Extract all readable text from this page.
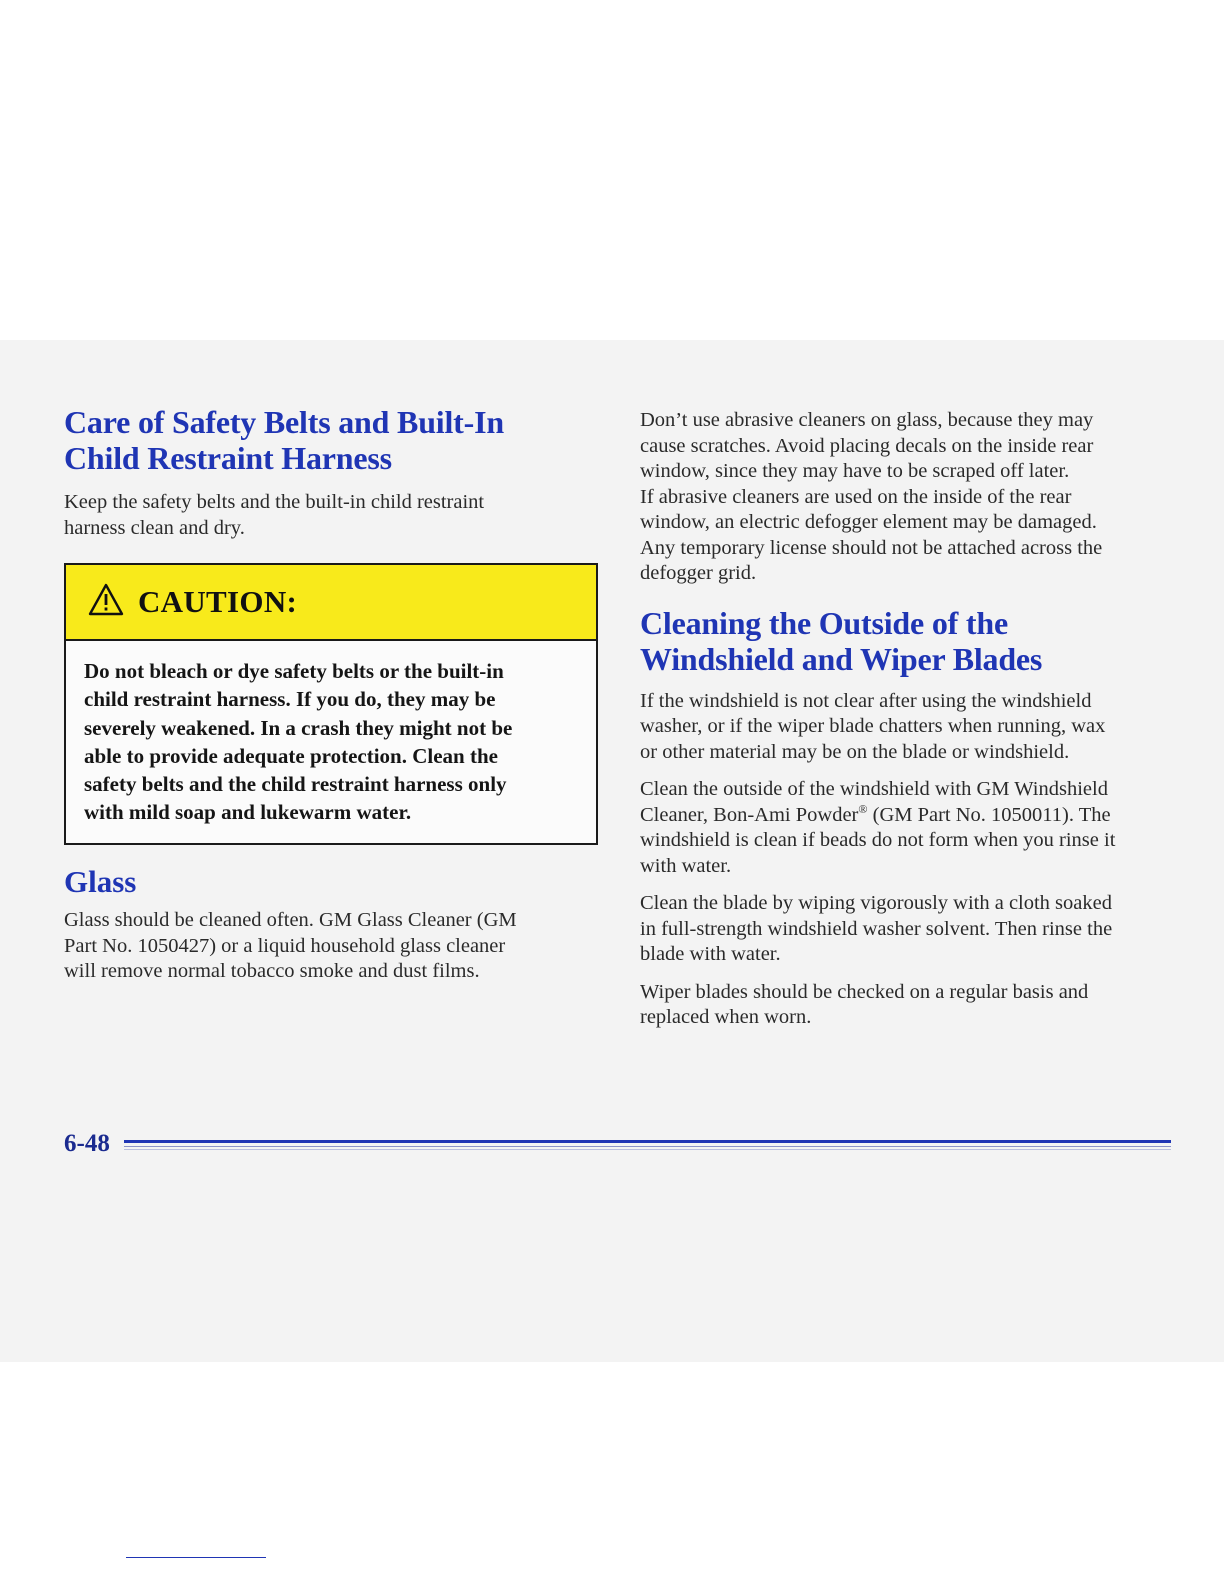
Care of Safety Belts and Built-In
Child Restraint Harness

Keep the safety belts and the built-in child restraint
harness clean and dry.

CAUTION:
Do not bleach or dye safety belts or the built-in
child restraint harness. If you do, they may be
severely weakened. In a crash they might not be
able to provide adequate protection. Clean the
safety belts and the child restraint harness only
with mild soap and lukewarm water.
Glass

Glass should be cleaned often. GM Glass Cleaner (GM
Part No. 1050427) or a liquid household glass cleaner
will remove normal tobacco smoke and dust films.

Don’t use abrasive cleaners on glass, because they may
cause scratches. Avoid placing decals on the inside rear
window, since they may have to be scraped off later.
If abrasive cleaners are used on the inside of the rear
window, an electric defogger element may be damaged.
Any temporary license should not be attached across the
defogger grid.

Cleaning the Outside of the
Windshield and Wiper Blades

If the windshield is not clear after using the windshield
washer, or if the wiper blade chatters when running, wax
or other material may be on the blade or windshield.

Clean the outside of the windshield with GM Windshield
Cleaner, Bon-Ami Powder® (GM Part No. 1050011). The
windshield is clean if beads do not form when you rinse it
with water.

Clean the blade by wiping vigorously with a cloth soaked
in full-strength windshield washer solvent. Then rinse the
blade with water.

Wiper blades should be checked on a regular basis and
replaced when worn.

6-48
